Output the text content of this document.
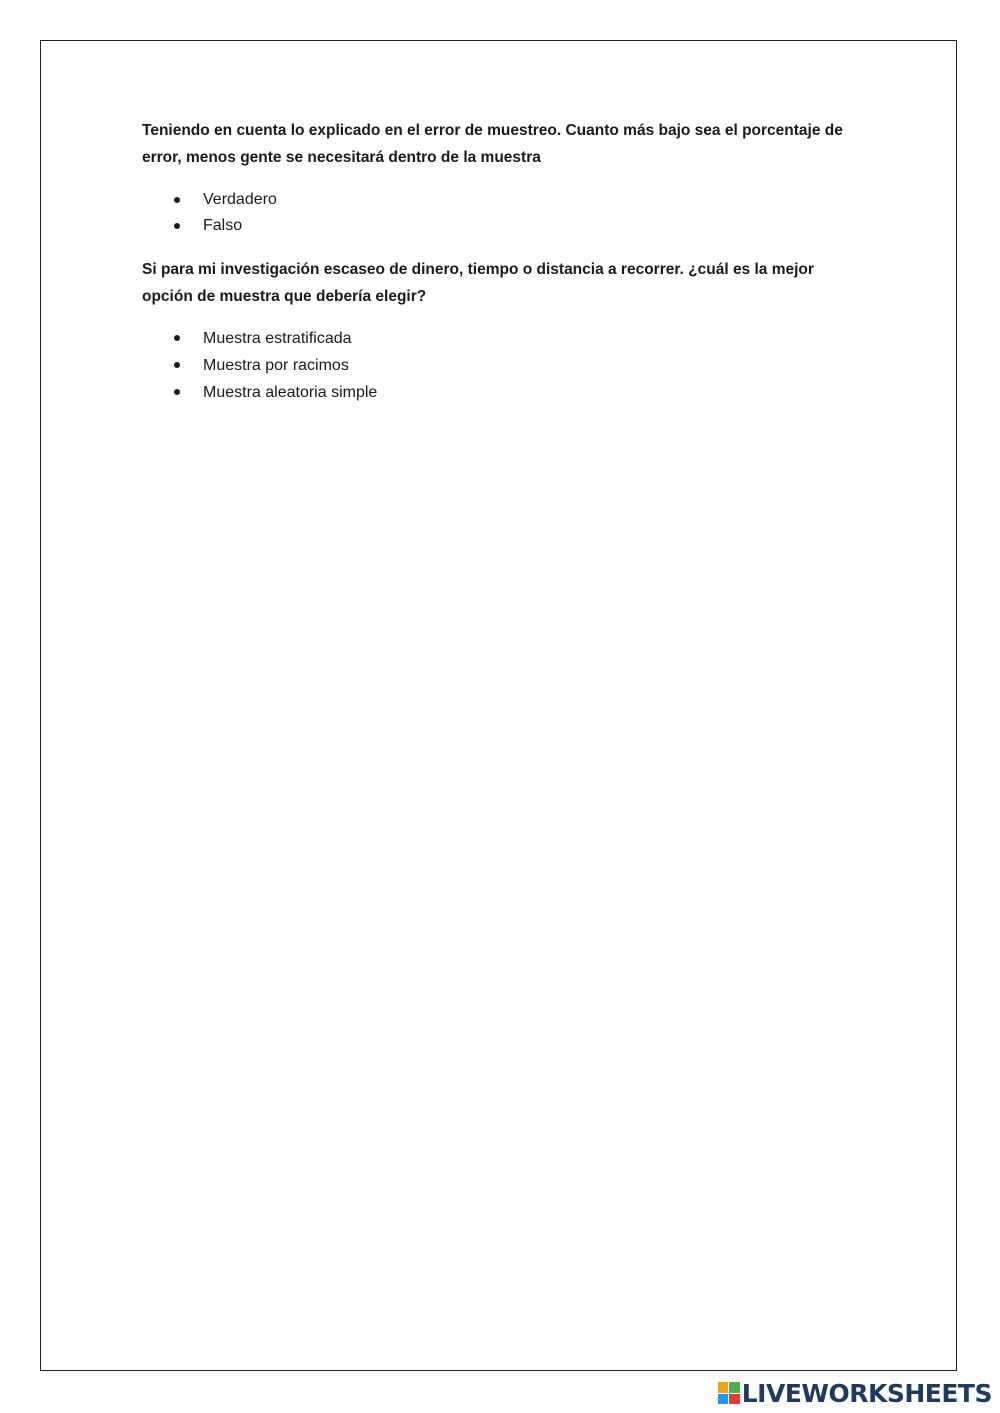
Teniendo en cuenta lo explicado en el error de muestreo. Cuanto más bajo sea el porcentaje de error, menos gente se necesitará dentro de la muestra

Verdadero
Falso

Si para mi investigación escaseo de dinero, tiempo o distancia a recorrer. ¿cuál es la mejor opción de muestra que debería elegir?

Muestra estratificada
Muestra por racimos
Muestra aleatoria simple
LIVEWORKSHEETS
